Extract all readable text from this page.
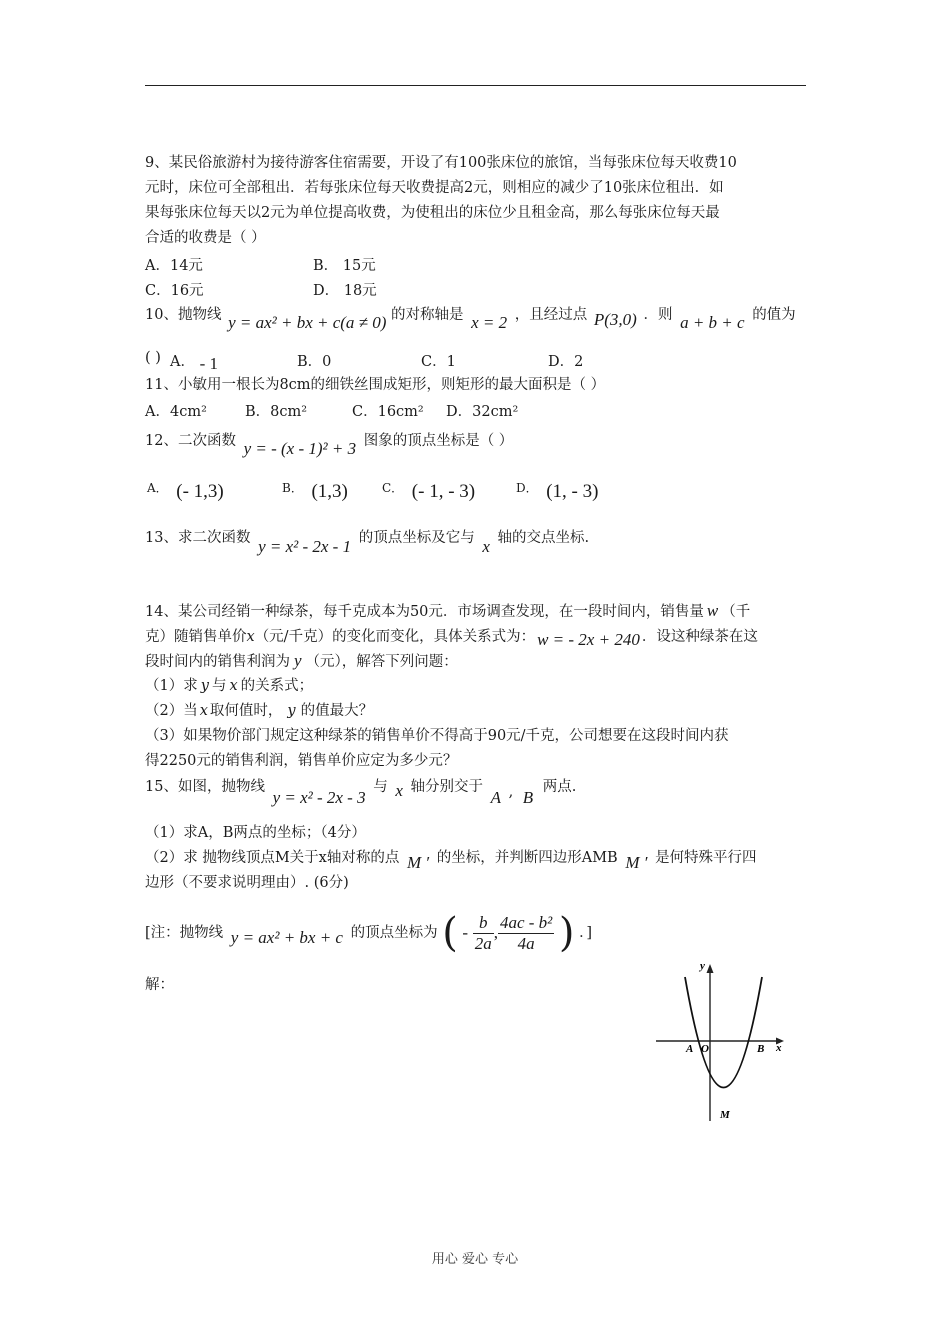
9、某民俗旅游村为接待游客住宿需要，开设了有100张床位的旅馆，当每张床位每天收费10
元时，床位可全部租出．若每张床位每天收费提高2元，则相应的减少了10张床位租出．如
果每张床位每天以2元为单位提高收费，为使租出的床位少且租金高，那么每张床位每天最
合适的收费是（ ）
A．14元	B． 15元
C．16元	D． 18元
10、抛物线 y = ax² + bx + c(a ≠ 0) 的对称轴是 x = 2 ，且经过点 P(3,0) ．则 a + b + c 的值为
( ) A． - 1	B．0	C．1	D．2
11、小敏用一根长为8cm的细铁丝围成矩形，则矩形的最大面积是（ ）
A．4cm²	B．8cm²	C．16cm² D．32cm²
12、二次函数 y = - (x - 1)² + 3 图象的顶点坐标是（ ）
$^{A.}$ (- 1,3)	$^{B.}$ (1,3)	$^{C.}$ (- 1, - 3)	$^{D.}$ (1, - 3)
13、求二次函数 y = x² - 2x - 1 的顶点坐标及它与 x 轴的交点坐标.
14、某公司经销一种绿茶，每千克成本为50元．市场调查发现，在一段时间内，销售量 w （千
克）随销售单价x（元/千克）的变化而变化，具体关系式为： w = - 2x + 240 ．设这种绿茶在这
段时间内的销售利润为 y （元），解答下列问题：
（1）求 y 与 x 的关系式；
（2）当 x 取何值时， y 的值最大？
（3）如果物价部门规定这种绿茶的销售单价不得高于90元/千克，公司想要在这段时间内获
得2250元的销售利润，销售单价应定为多少元？
15、如图，抛物线 y = x² - 2x - 3 与 x 轴分别交于 A , B 两点.
（1）求A，B两点的坐标；（4分）
（2）求 抛物线顶点M关于x轴对称的点 M ′ 的坐标，并判断四边形AMB M ′ 是何特殊平行四
边形（不要求说明理由）. (6分)
[注：抛物线 y = ax² + bx + c 的顶点坐标为 ( - $\frac{b}{2a}$ , $\frac{\text{4ac - b²}}{4a}$ ) ．]
解：
y
x
A O	B
M
用心 爱心 专心
